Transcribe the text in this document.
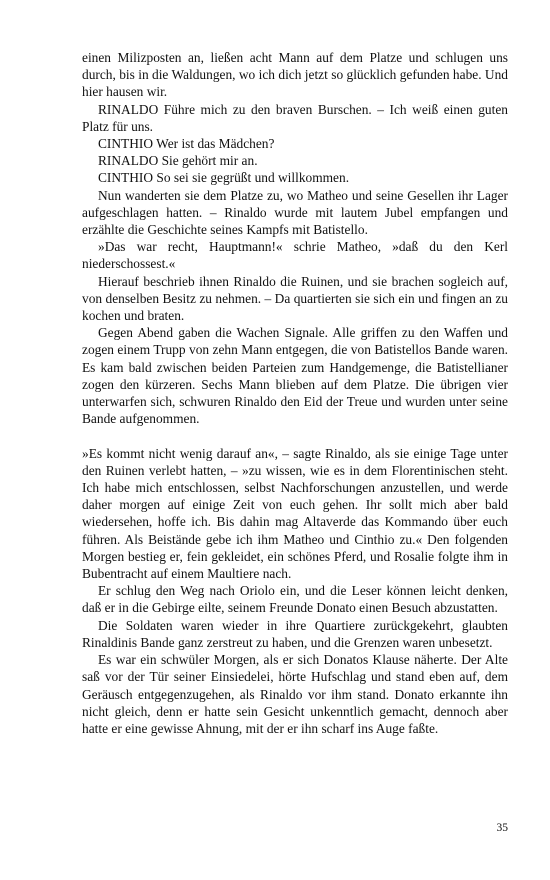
einen Milizposten an, ließen acht Mann auf dem Platze und schlugen uns durch, bis in die Waldungen, wo ich dich jetzt so glücklich gefunden habe. Und hier hausen wir.

RINALDO Führe mich zu den braven Burschen. – Ich weiß einen guten Platz für uns.

CINTHIO Wer ist das Mädchen?

RINALDO Sie gehört mir an.

CINTHIO So sei sie gegrüßt und willkommen.

Nun wanderten sie dem Platze zu, wo Matheo und seine Gesellen ihr Lager aufgeschlagen hatten. – Rinaldo wurde mit lautem Jubel empfangen und erzählte die Geschichte seines Kampfs mit Batistello.

»Das war recht, Hauptmann!« schrie Matheo, »daß du den Kerl niederschossest.«

Hierauf beschrieb ihnen Rinaldo die Ruinen, und sie brachen sogleich auf, von denselben Besitz zu nehmen. – Da quartierten sie sich ein und fingen an zu kochen und braten.

Gegen Abend gaben die Wachen Signale. Alle griffen zu den Waffen und zogen einem Trupp von zehn Mann entgegen, die von Batistellos Bande waren. Es kam bald zwischen beiden Parteien zum Handgemenge, die Batistellianer zogen den kürzeren. Sechs Mann blieben auf dem Platze. Die übrigen vier unterwarfen sich, schwuren Rinaldo den Eid der Treue und wurden unter seine Bande aufgenommen.

»Es kommt nicht wenig darauf an«, – sagte Rinaldo, als sie einige Tage unter den Ruinen verlebt hatten, – »zu wissen, wie es in dem Florentinischen steht. Ich habe mich entschlossen, selbst Nachforschungen anzustellen, und werde daher morgen auf einige Zeit von euch gehen. Ihr sollt mich aber bald wiedersehen, hoffe ich. Bis dahin mag Altaverde das Kommando über euch führen. Als Beistände gebe ich ihm Matheo und Cinthio zu.« Den folgenden Morgen bestieg er, fein gekleidet, ein schönes Pferd, und Rosalie folgte ihm in Bubentracht auf einem Maultiere nach.

Er schlug den Weg nach Oriolo ein, und die Leser können leicht denken, daß er in die Gebirge eilte, seinem Freunde Donato einen Besuch abzustatten.

Die Soldaten waren wieder in ihre Quartiere zurückgekehrt, glaubten Rinaldinis Bande ganz zerstreut zu haben, und die Grenzen waren unbesetzt.

Es war ein schwüler Morgen, als er sich Donatos Klause näherte. Der Alte saß vor der Tür seiner Einsiedelei, hörte Hufschlag und stand eben auf, dem Geräusch entgegenzugehen, als Rinaldo vor ihm stand. Donato erkannte ihn nicht gleich, denn er hatte sein Gesicht unkenntlich gemacht, dennoch aber hatte er eine gewisse Ahnung, mit der er ihn scharf ins Auge faßte.

35
